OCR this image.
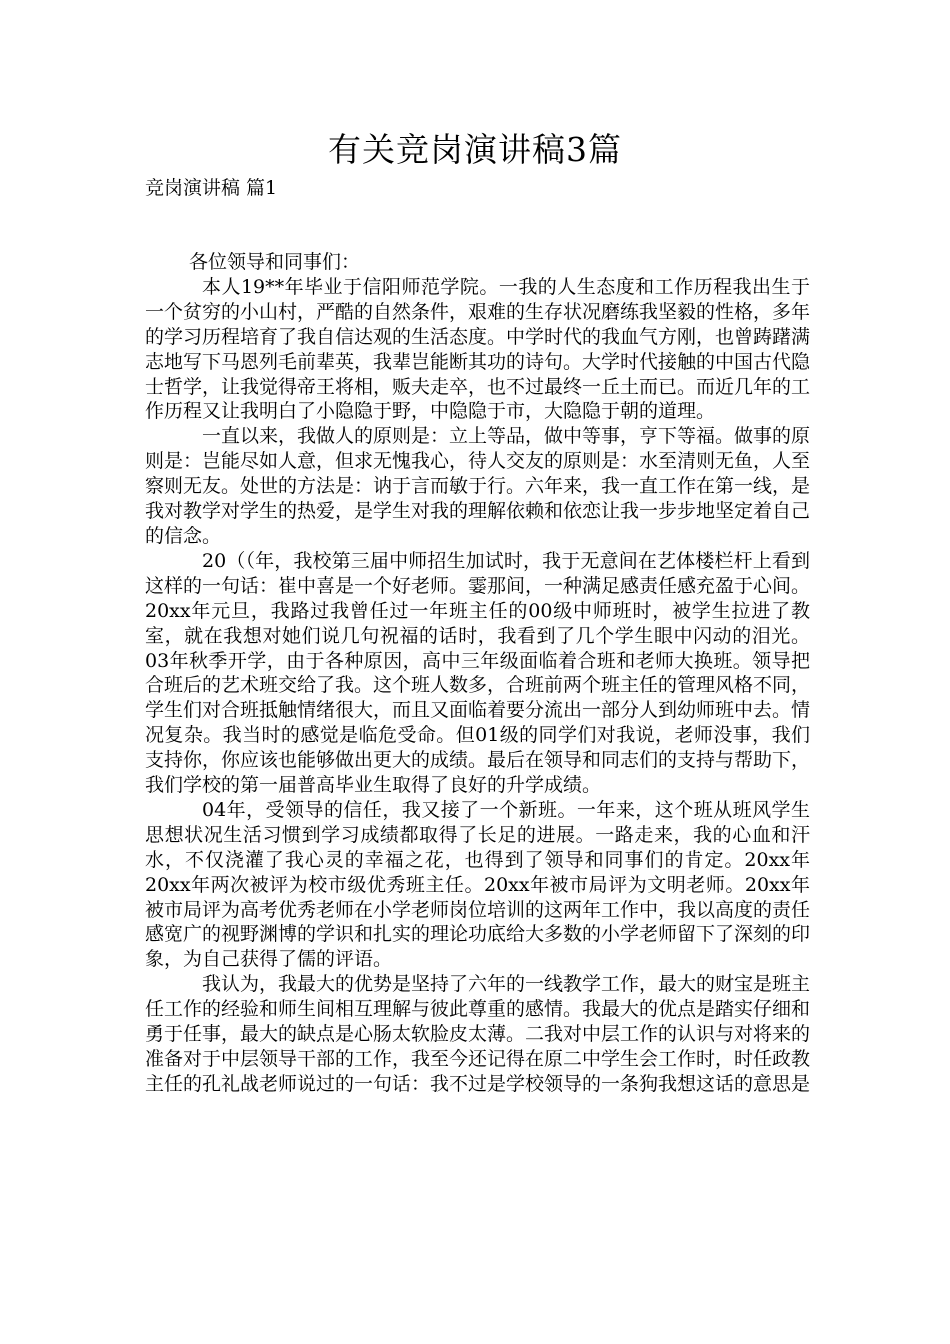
有关竞岗演讲稿3篇

竞岗演讲稿 篇1

各位领导和同事们：

本人19**年毕业于信阳师范学院。一我的人生态度和工作历程我出生于一个贫穷的小山村，严酷的自然条件，艰难的生存状况磨练我坚毅的性格，多年的学习历程培育了我自信达观的生活态度。中学时代的我血气方刚，也曾踌躇满志地写下马恩列毛前辈英，我辈岂能断其功的诗句。大学时代接触的中国古代隐士哲学，让我觉得帝王将相，贩夫走卒，也不过最终一丘土而已。而近几年的工作历程又让我明白了小隐隐于野，中隐隐于市，大隐隐于朝的道理。

一直以来，我做人的原则是：立上等品，做中等事，亨下等福。做事的原则是：岂能尽如人意，但求无愧我心，待人交友的原则是：水至清则无鱼，人至察则无友。处世的方法是：讷于言而敏于行。六年来，我一直工作在第一线，是我对教学对学生的热爱，是学生对我的理解依赖和依恋让我一步步地坚定着自己的信念。

20（（年，我校第三届中师招生加试时，我于无意间在艺体楼栏杆上看到这样的一句话：崔中喜是一个好老师。霎那间，一种满足感责任感充盈于心间。20xx年元旦，我路过我曾任过一年班主任的00级中师班时，被学生拉进了教室，就在我想对她们说几句祝福的话时，我看到了几个学生眼中闪动的泪光。03年秋季开学，由于各种原因，高中三年级面临着合班和老师大换班。领导把合班后的艺术班交给了我。这个班人数多，合班前两个班主任的管理风格不同，学生们对合班抵触情绪很大，而且又面临着要分流出一部分人到幼师班中去。情况复杂。我当时的感觉是临危受命。但01级的同学们对我说，老师没事，我们支持你，你应该也能够做出更大的成绩。最后在领导和同志们的支持与帮助下，我们学校的第一届普高毕业生取得了良好的升学成绩。

04年，受领导的信任，我又接了一个新班。一年来，这个班从班风学生思想状况生活习惯到学习成绩都取得了长足的进展。一路走来，我的心血和汗水，不仅浇灌了我心灵的幸福之花，也得到了领导和同事们的肯定。20xx年20xx年两次被评为校市级优秀班主任。20xx年被市局评为文明老师。20xx年被市局评为高考优秀老师在小学老师岗位培训的这两年工作中，我以高度的责任感宽广的视野渊博的学识和扎实的理论功底给大多数的小学老师留下了深刻的印象，为自己获得了儒的评语。

我认为，我最大的优势是坚持了六年的一线教学工作，最大的财宝是班主任工作的经验和师生间相互理解与彼此尊重的感情。我最大的优点是踏实仔细和勇于任事，最大的缺点是心肠太软脸皮太薄。二我对中层工作的认识与对将来的准备对于中层领导干部的工作，我至今还记得在原二中学生会工作时，时任政教主任的孔礼战老师说过的一句话：我不过是学校领导的一条狗我想这话的意思是
